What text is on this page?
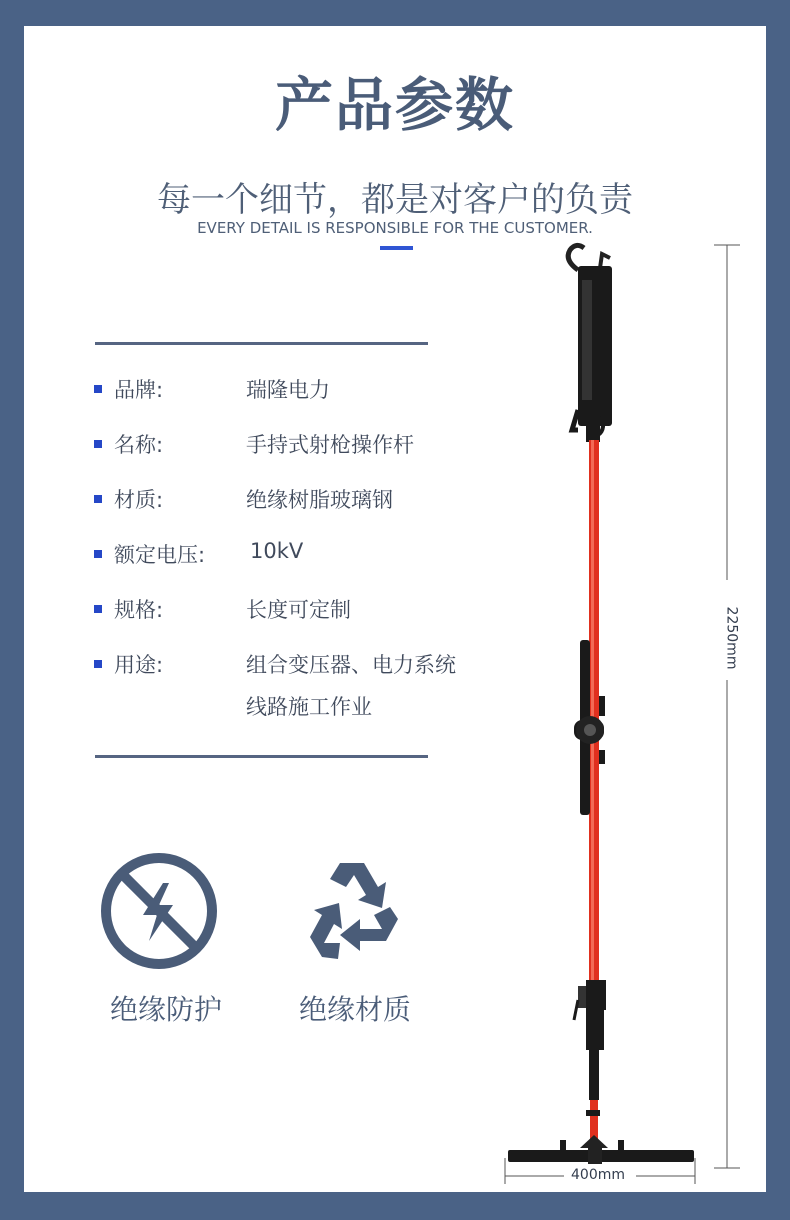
产品参数
每一个细节，都是对客户的负责
EVERY DETAIL IS RESPONSIBLE FOR THE CUSTOMER.
品牌:	瑞隆电力
名称:	手持式射枪操作杆
材质:	绝缘树脂玻璃钢
额定电压: 10kV
规格:	长度可定制
用途:	组合变压器、电力系统
线路施工作业
绝缘防护	绝缘材质
2250mm
400mm
